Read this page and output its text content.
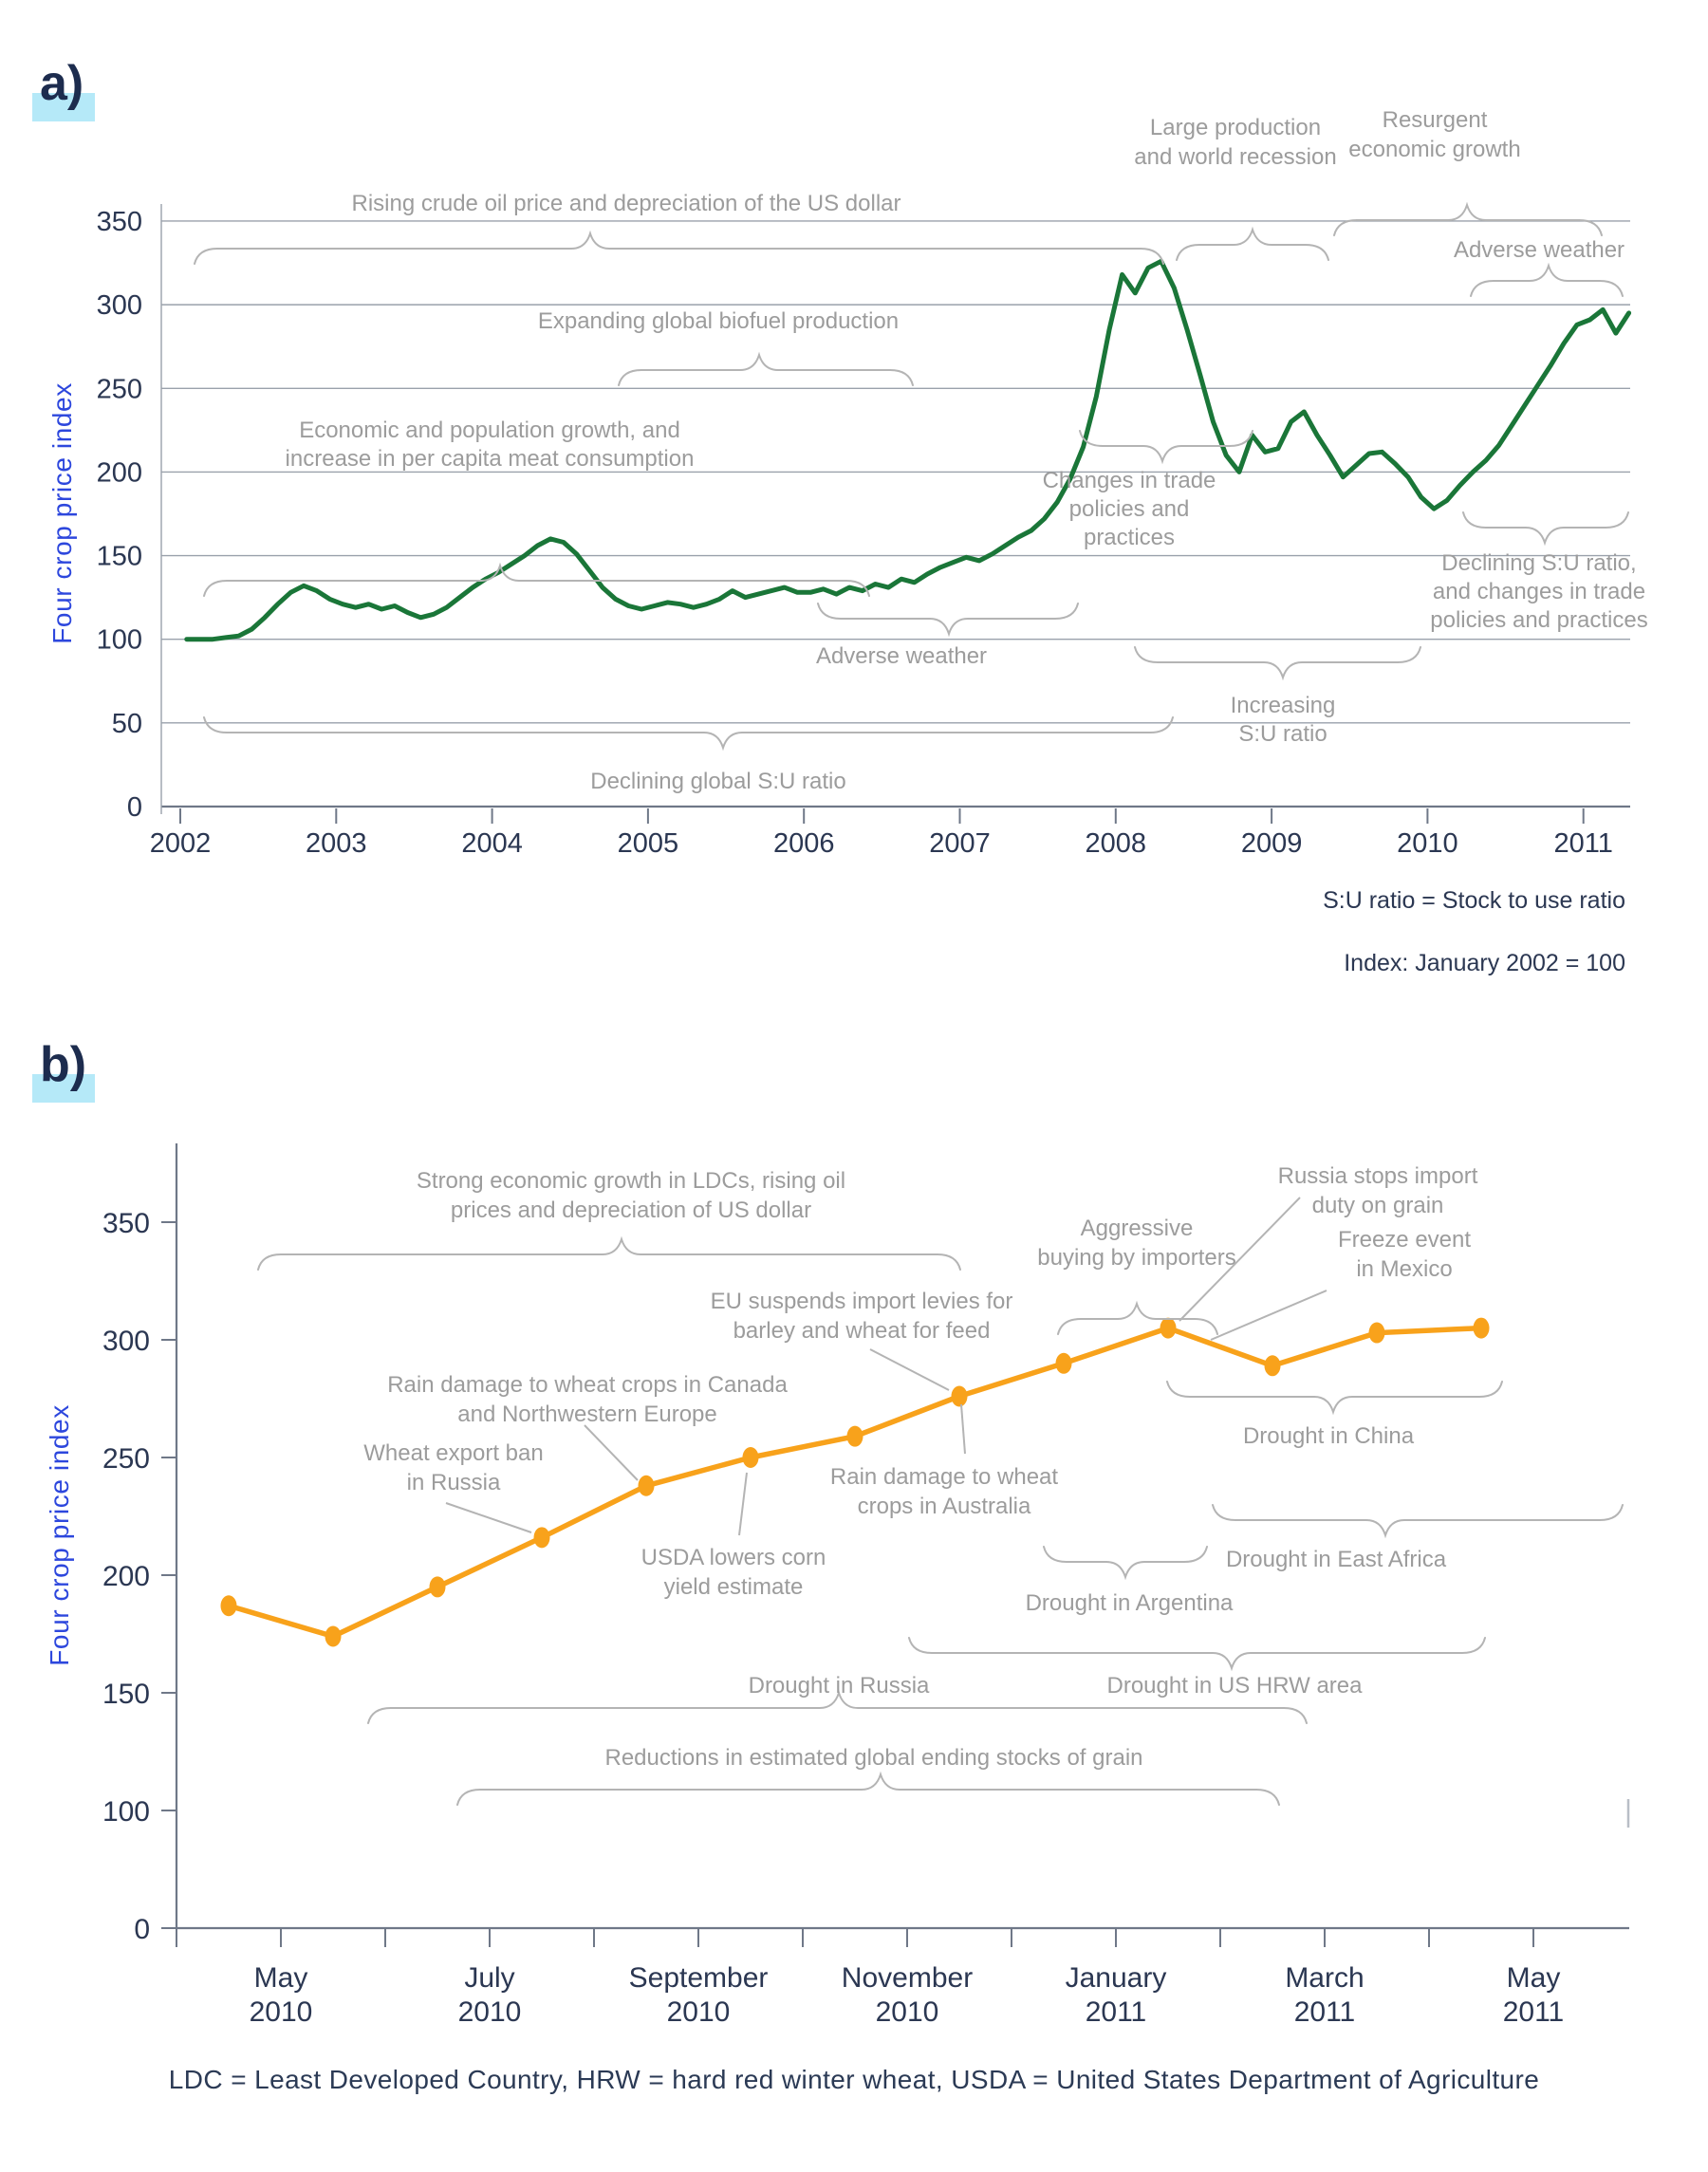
a)
b)
0
50
100
150
200
250
300
350
2002	2003	2004	2005	2006	2007	2008	2009	2010	2011
Four crop price index
Rising crude oil price and depreciation of the US dollar
Expanding global biofuel production
Economic and population growth, and
increase in per capita meat consumption
Adverse weather
Declining global S:U ratio
Large production
and world recession
Resurgent
economic growth
Adverse weather
Changes in trade
policies and
practices
Declining S:U ratio,
and changes in trade
policies and practices
Increasing
S:U ratio
S:U ratio = Stock to use ratio
Index: January 2002 = 100
0
100
150
200
250
300
350
May 2010
July 2010
September 2010
November 2010
January 2011
March 2011
May 2011
Four crop price index
Strong economic growth in LDCs, rising oil
prices and depreciation of US dollar
EU suspends import levies for
barley and wheat for feed
Rain damage to wheat crops in Canada
and Northwestern Europe
Wheat export ban
in Russia
USDA lowers corn
yield estimate
Rain damage to wheat
crops in Australia
Aggressive
buying by importers
Russia stops import
duty on grain
Freeze event
in Mexico
Drought in China
Drought in East Africa
Drought in Argentina
Drought in Russia	Drought in US HRW area
Reductions in estimated global ending stocks of grain
LDC = Least Developed Country, HRW = hard red winter wheat, USDA = United States Department of Agriculture
